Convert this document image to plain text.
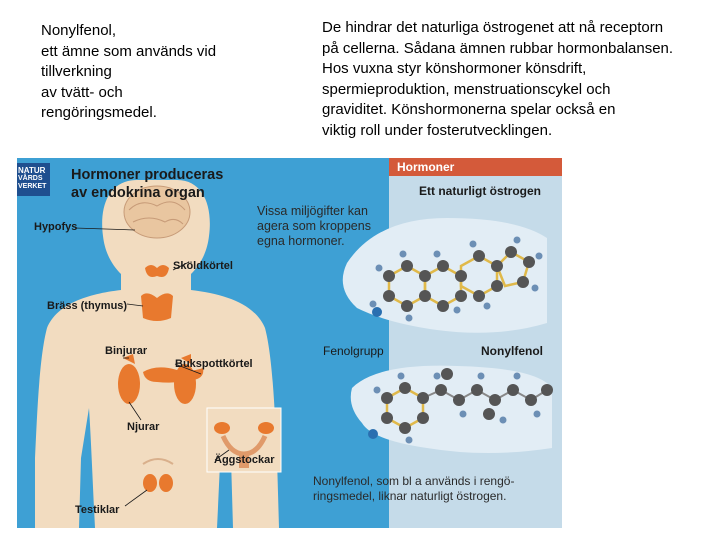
Nonylfenol,
ett ämne som används vid
tillverkning
av tvätt- och
rengöringsmedel.
De hindrar det naturliga östrogenet att nå receptorn
på cellerna. Sådana ämnen rubbar hormonbalansen.
Hos vuxna styr könshormoner könsdrift,
spermieproduktion, menstruationscykel och
graviditet. Könshormonerna spelar också en
viktig roll under fosterutvecklingen.
NATUR
VÅRDS
VERKET
Hormoner produceras
av endokrina organ
Hypofys
Sköldkörtel
Bräss (thymus)
Binjurar
Bukspottkörtel
Njurar
Äggstockar
Testiklar
Vissa miljögifter kan
agera som kroppens
egna hormoner.
Hormoner
Ett naturligt östrogen
Fenolgrupp	Nonylfenol
Nonylfenol, som bl a används i rengö-
ringsmedel, liknar naturligt östrogen.
